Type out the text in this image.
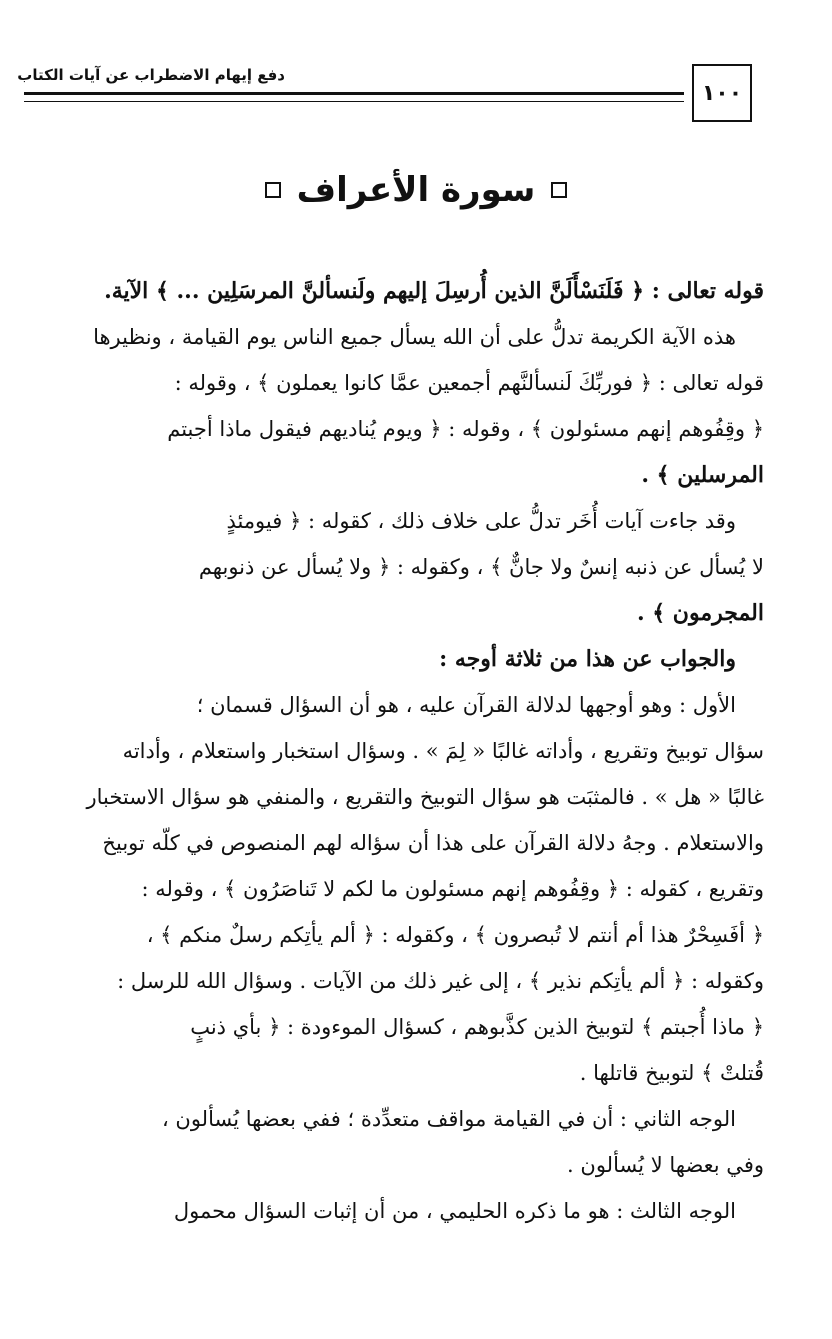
دفع إيهام الاضطراب عن آيات الكتاب
١٠٠
سورة الأعراف
قوله تعالى : ﴿ فَلَنَسْأَلَنَّ الذين أُرسِلَ إليهم ولَنسألنَّ المرسَلِين ... ﴾ الآية.
هذه الآية الكريمة تدلُّ على أن الله يسأل جميع الناس يوم القيامة ، ونظيرها
قوله تعالى : ﴿ فوربِّكَ لَنسألنَّهم أجمعين عمَّا كانوا يعملون ﴾ ، وقوله :
﴿ وقِفُوهم إنهم مسئولون ﴾ ، وقوله : ﴿ ويوم يُناديهم فيقول ماذا أجبتم
المرسلين ﴾ .
وقد جاءت آيات أُخَر تدلُّ على خلاف ذلك ، كقوله : ﴿ فيومئذٍ
لا يُسأل عن ذنبه إنسٌ ولا جانٌّ ﴾ ، وكقوله : ﴿ ولا يُسأل عن ذنوبهم
المجرمون ﴾ .
والجواب عن هذا من ثلاثة أوجه :
الأول : وهو أوجهها لدلالة القرآن عليه ، هو أن السؤال قسمان ؛
سؤال توبيخ وتقريع ، وأداته غالبًا « لِمَ » . وسؤال استخبار واستعلام ، وأداته
غالبًا « هل » . فالمثبَت هو سؤال التوبيخ والتقريع ، والمنفي هو سؤال الاستخبار
والاستعلام . وجهُ دلالة القرآن على هذا أن سؤاله لهم المنصوص في كلّه توبيخ
وتقريع ، كقوله : ﴿ وقِفُوهم إنهم مسئولون ما لكم لا تَناصَرُون ﴾ ، وقوله :
﴿ أفَسِحْرٌ هذا أم أنتم لا تُبصرون ﴾ ، وكقوله : ﴿ ألم يأتِكم رسلٌ منكم ﴾ ،
وكقوله : ﴿ ألم يأتِكم نذير ﴾ ، إلى غير ذلك من الآيات . وسؤال الله للرسل :
﴿ ماذا أُجبتم ﴾ لتوبيخ الذين كذَّبوهم ، كسؤال الموءودة : ﴿ بأي ذنبٍ
قُتلتْ ﴾ لتوبيخ قاتلها .
الوجه الثاني : أن في القيامة مواقف متعدِّدة ؛ ففي بعضها يُسألون ،
وفي بعضها لا يُسألون .
الوجه الثالث : هو ما ذكره الحليمي ، من أن إثبات السؤال محمول
